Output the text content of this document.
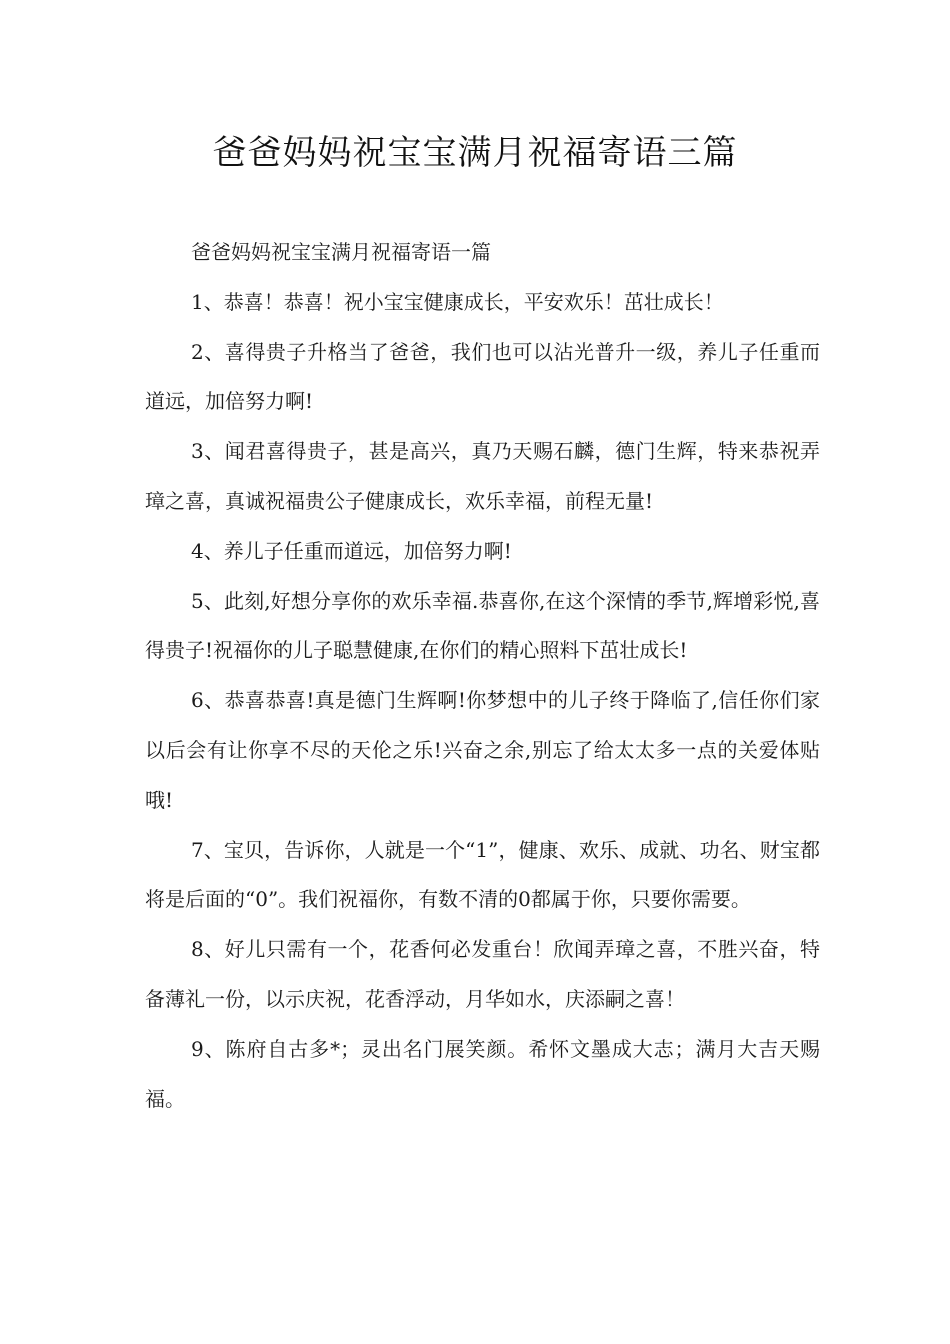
爸爸妈妈祝宝宝满月祝福寄语三篇

爸爸妈妈祝宝宝满月祝福寄语一篇

1、恭喜！恭喜！祝小宝宝健康成长，平安欢乐！茁壮成长！

2、喜得贵子升格当了爸爸，我们也可以沾光普升一级，养儿子任重而道远，加倍努力啊!

3、闻君喜得贵子，甚是高兴，真乃天赐石麟，德门生辉，特来恭祝弄璋之喜，真诚祝福贵公子健康成长，欢乐幸福，前程无量!

4、养儿子任重而道远，加倍努力啊!

5、此刻,好想分享你的欢乐幸福.恭喜你,在这个深情的季节,辉增彩悦,喜得贵子!祝福你的儿子聪慧健康,在你们的精心照料下茁壮成长!

6、恭喜恭喜!真是德门生辉啊!你梦想中的儿子终于降临了,信任你们家以后会有让你享不尽的天伦之乐!兴奋之余,别忘了给太太多一点的关爱体贴哦!

7、宝贝，告诉你，人就是一个“1”，健康、欢乐、成就、功名、财宝都将是后面的“0”。我们祝福你，有数不清的0都属于你，只要你需要。

8、好儿只需有一个，花香何必发重台！欣闻弄璋之喜，不胜兴奋，特备薄礼一份，以示庆祝，花香浮动，月华如水，庆添嗣之喜！

9、陈府自古多*；灵出名门展笑颜。希怀文墨成大志；满月大吉天赐福。
